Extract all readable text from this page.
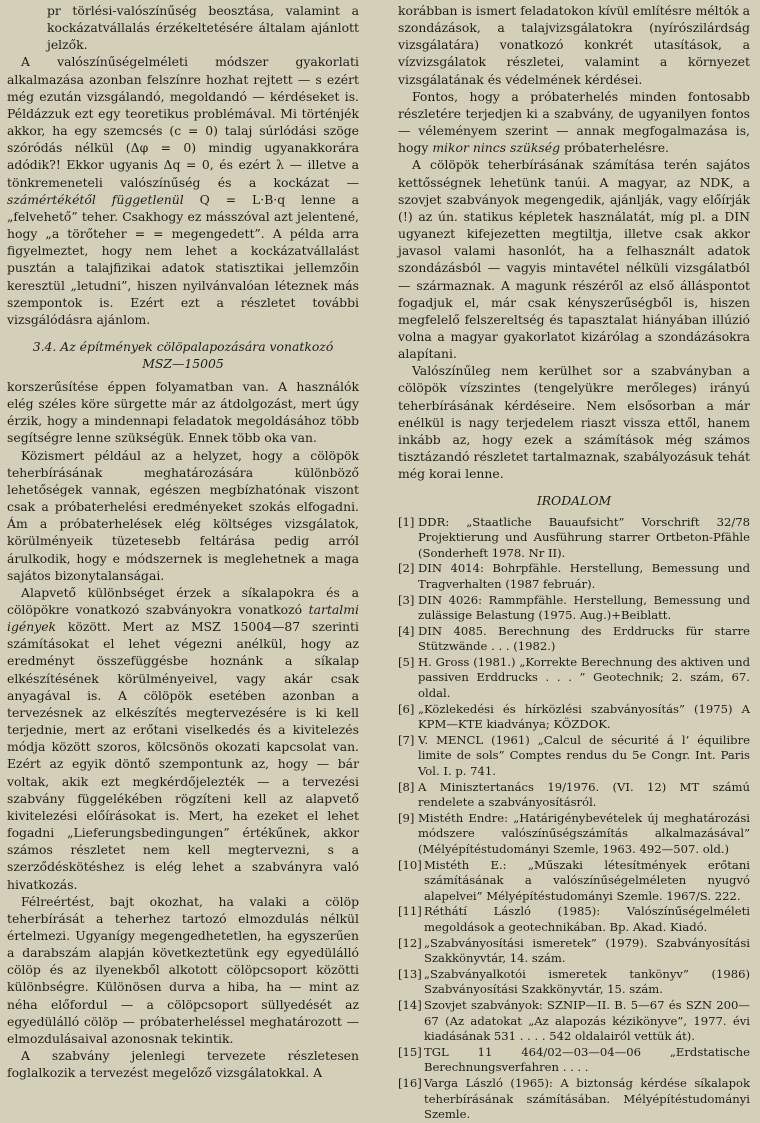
pr törlési-valószínűség beosztása, valamint a kockázatvállalás érzékeltetésére általam ajánlott jelzők.

A valószínűségelméleti módszer gyakorlati alkalmazása azonban felszínre hozhat rejtett — s ezért még ezután vizsgálandó, megoldandó — kérdéseket is. Példázzuk ezt egy teoretikus problémával. Mi történjék akkor, ha egy szemcsés (c = 0) talaj súrlódási szöge szóródás nélkül (Δφ = 0) mindig ugyanakkorára adódik?! Ekkor ugyanis Δq = 0, és ezért λ — illetve a tönkremeneteli valószínűség és a kockázat — számértékétől függetlenül Q = L·B·q lenne a „felvehető” teher. Csakhogy ez másszóval azt jelentené, hogy „a törőteher = = megengedett”. A példa arra figyelmeztet, hogy nem lehet a kockázatvállalást pusztán a talajfizikai adatok statisztikai jellemzőin keresztül „letudni”, hiszen nyilvánvalóan léteznek más szempontok is. Ezért ezt a részletet további vizsgálódásra ajánlom.

3.4. Az építmények cölöpalapozására vonatkozó
MSZ—15005

korszerűsítése éppen folyamatban van. A használók elég széles köre sürgette már az átdolgozást, mert úgy érzik, hogy a mindennapi feladatok megoldásához több segítségre lenne szükségük. Ennek több oka van.

Közismert például az a helyzet, hogy a cölöpök teherbírásának meghatározására különböző lehetőségek vannak, egészen megbízhatónak viszont csak a próbaterhelési eredményeket szokás elfogadni. Ám a próbaterhelések elég költséges vizsgálatok, körülményeik tüzetesebb feltárása pedig arról árulkodik, hogy e módszernek is meglehetnek a maga sajátos bizonytalanságai.

Alapvető különbséget érzek a síkalapokra és a cölöpökre vonatkozó szabványokra vonatkozó tartalmi igények között. Mert az MSZ 15004—87 szerinti számításokat el lehet végezni anélkül, hogy az eredményt összefüggésbe hoznánk a síkalap elkészítésének körülményeivel, vagy akár csak anyagával is. A cölöpök esetében azonban a tervezésnek az elkészítés megtervezésére is ki kell terjednie, mert az erőtani viselkedés és a kivitelezés módja között szoros, kölcsönös okozati kapcsolat van. Ezért az egyik döntő szempontunk az, hogy — bár voltak, akik ezt megkérdőjelezték — a tervezési szabvány függelékében rögzíteni kell az alapvető kivitelezési előírásokat is. Mert, ha ezeket el lehet fogadni „Lieferungsbedingungen” értékűnek, akkor számos részletet nem kell megtervezni, s a szerződéskötéshez is elég lehet a szabványra való hivatkozás.

Félreértést, bajt okozhat, ha valaki a cölöp teherbírását a teherhez tartozó elmozdulás nélkül értelmezi. Ugyanígy megengedhetetlen, ha egyszerűen a darabszám alapján következtetünk egy egyedülálló cölöp és az ilyenekből alkotott cölöpcsoport közötti különbségre. Különösen durva a hiba, ha — mint az néha előfordul — a cölöpcsoport süllyedését az egyedülálló cölöp — próbaterheléssel meghatározott — elmozdulásaival azonosnak tekintik.

A szabvány jelenlegi tervezete részletesen foglalkozik a tervezést megelőző vizsgálatokkal. A

korábban is ismert feladatokon kívül említésre méltók a szondázások, a talajvizsgálatokra (nyírószilárdság vizsgálatára) vonatkozó konkrét utasítások, a vízvizsgálatok részletei, valamint a környezet vizsgálatának és védelmének kérdései.

Fontos, hogy a próbaterhelés minden fontosabb részletére terjedjen ki a szabvány, de ugyanilyen fontos — véleményem szerint — annak megfogalmazása is, hogy mikor nincs szükség próbaterhelésre.

A cölöpök teherbírásának számítása terén sajátos kettősségnek lehetünk tanúi. A magyar, az NDK, a szovjet szabványok megengedik, ajánlják, vagy előírják (!) az ún. statikus képletek használatát, míg pl. a DIN ugyanezt kifejezetten megtiltja, illetve csak akkor javasol valami hasonlót, ha a felhasznált adatok szondázásból — vagyis mintavétel nélküli vizsgálatból — származnak. A magunk részéről az első álláspontot fogadjuk el, már csak kényszerűségből is, hiszen megfelelő felszereltség és tapasztalat hiányában illúzió volna a magyar gyakorlatot kizárólag a szondázásokra alapítani.

Valószínűleg nem kerülhet sor a szabványban a cölöpök vízszintes (tengelyükre merőleges) irányú teherbírásának kérdéseire. Nem elsősorban a már enélkül is nagy terjedelem riaszt vissza ettől, hanem inkább az, hogy ezek a számítások még számos tisztázandó részletet tartalmaznak, szabályozásuk tehát még korai lenne.

IRODALOM
[1] DDR: „Staatliche Bauaufsicht” Vorschrift 32/78 Projektierung und Ausführung starrer Ortbeton-Pfähle (Sonderheft 1978. Nr II).
[2] DIN 4014: Bohrpfähle. Herstellung, Bemessung und Tragverhalten (1987 február).
[3] DIN 4026: Rammpfähle. Herstellung, Bemessung und zulässige Belastung (1975. Aug.)+Beiblatt.
[4] DIN 4085. Berechnung des Erddrucks für starre Stützwände . . . (1982.)
[5] H. Gross (1981.) „Korrekte Berechnung des aktiven und passiven Erddrucks . . . ” Geotechnik; 2. szám, 67. oldal.
[6] „Közlekedési és hírközlési szabványosítás” (1975) A KPM—KTE kiadványa; KÖZDOK.
[7] V. MENCL (1961) „Calcul de sécurité á l’ équilibre limite de sols” Comptes rendus du 5e Congr. Int. Paris Vol. I. p. 741.
[8] A Minisztertanács 19/1976. (VI. 12) MT számú rendelete a szabványosításról.
[9] Mistéth Endre: „Határigénybevételek új meghatározási módszere valószínűségszámítás alkalmazásával” (Mélyépítéstudományi Szemle, 1963. 492—507. old.)
[10] Mistéth E.: „Műszaki létesítmények erőtani számításának a valószínűségelméleten nyugvó alapelvei” Mélyépítéstudományi Szemle. 1967/S. 222.
[11] Réthátí László (1985): Valószínűségelméleti megoldások a geotechnikában. Bp. Akad. Kiadó.
[12] „Szabványosítási ismeretek” (1979). Szabványosítási Szakkönyvtár, 14. szám.
[13] „Szabványalkotói ismeretek tankönyv” (1986) Szabványosítási Szakkönyvtár, 15. szám.
[14] Szovjet szabványok: SZNIP—II. B. 5—67 és SZN 200—67 (Az adatokat „Az alapozás kézikönyve”, 1977. évi kiadásának 531 . . . . 542 oldalairól vettük át).
[15] TGL 11 464/02—03—04—06 „Erdstatische Berechnungsverfahren . . . .
[16] Varga László (1965): A biztonság kérdése síkalapok teherbírásának számításában. Mélyépítéstudományi Szemle.
